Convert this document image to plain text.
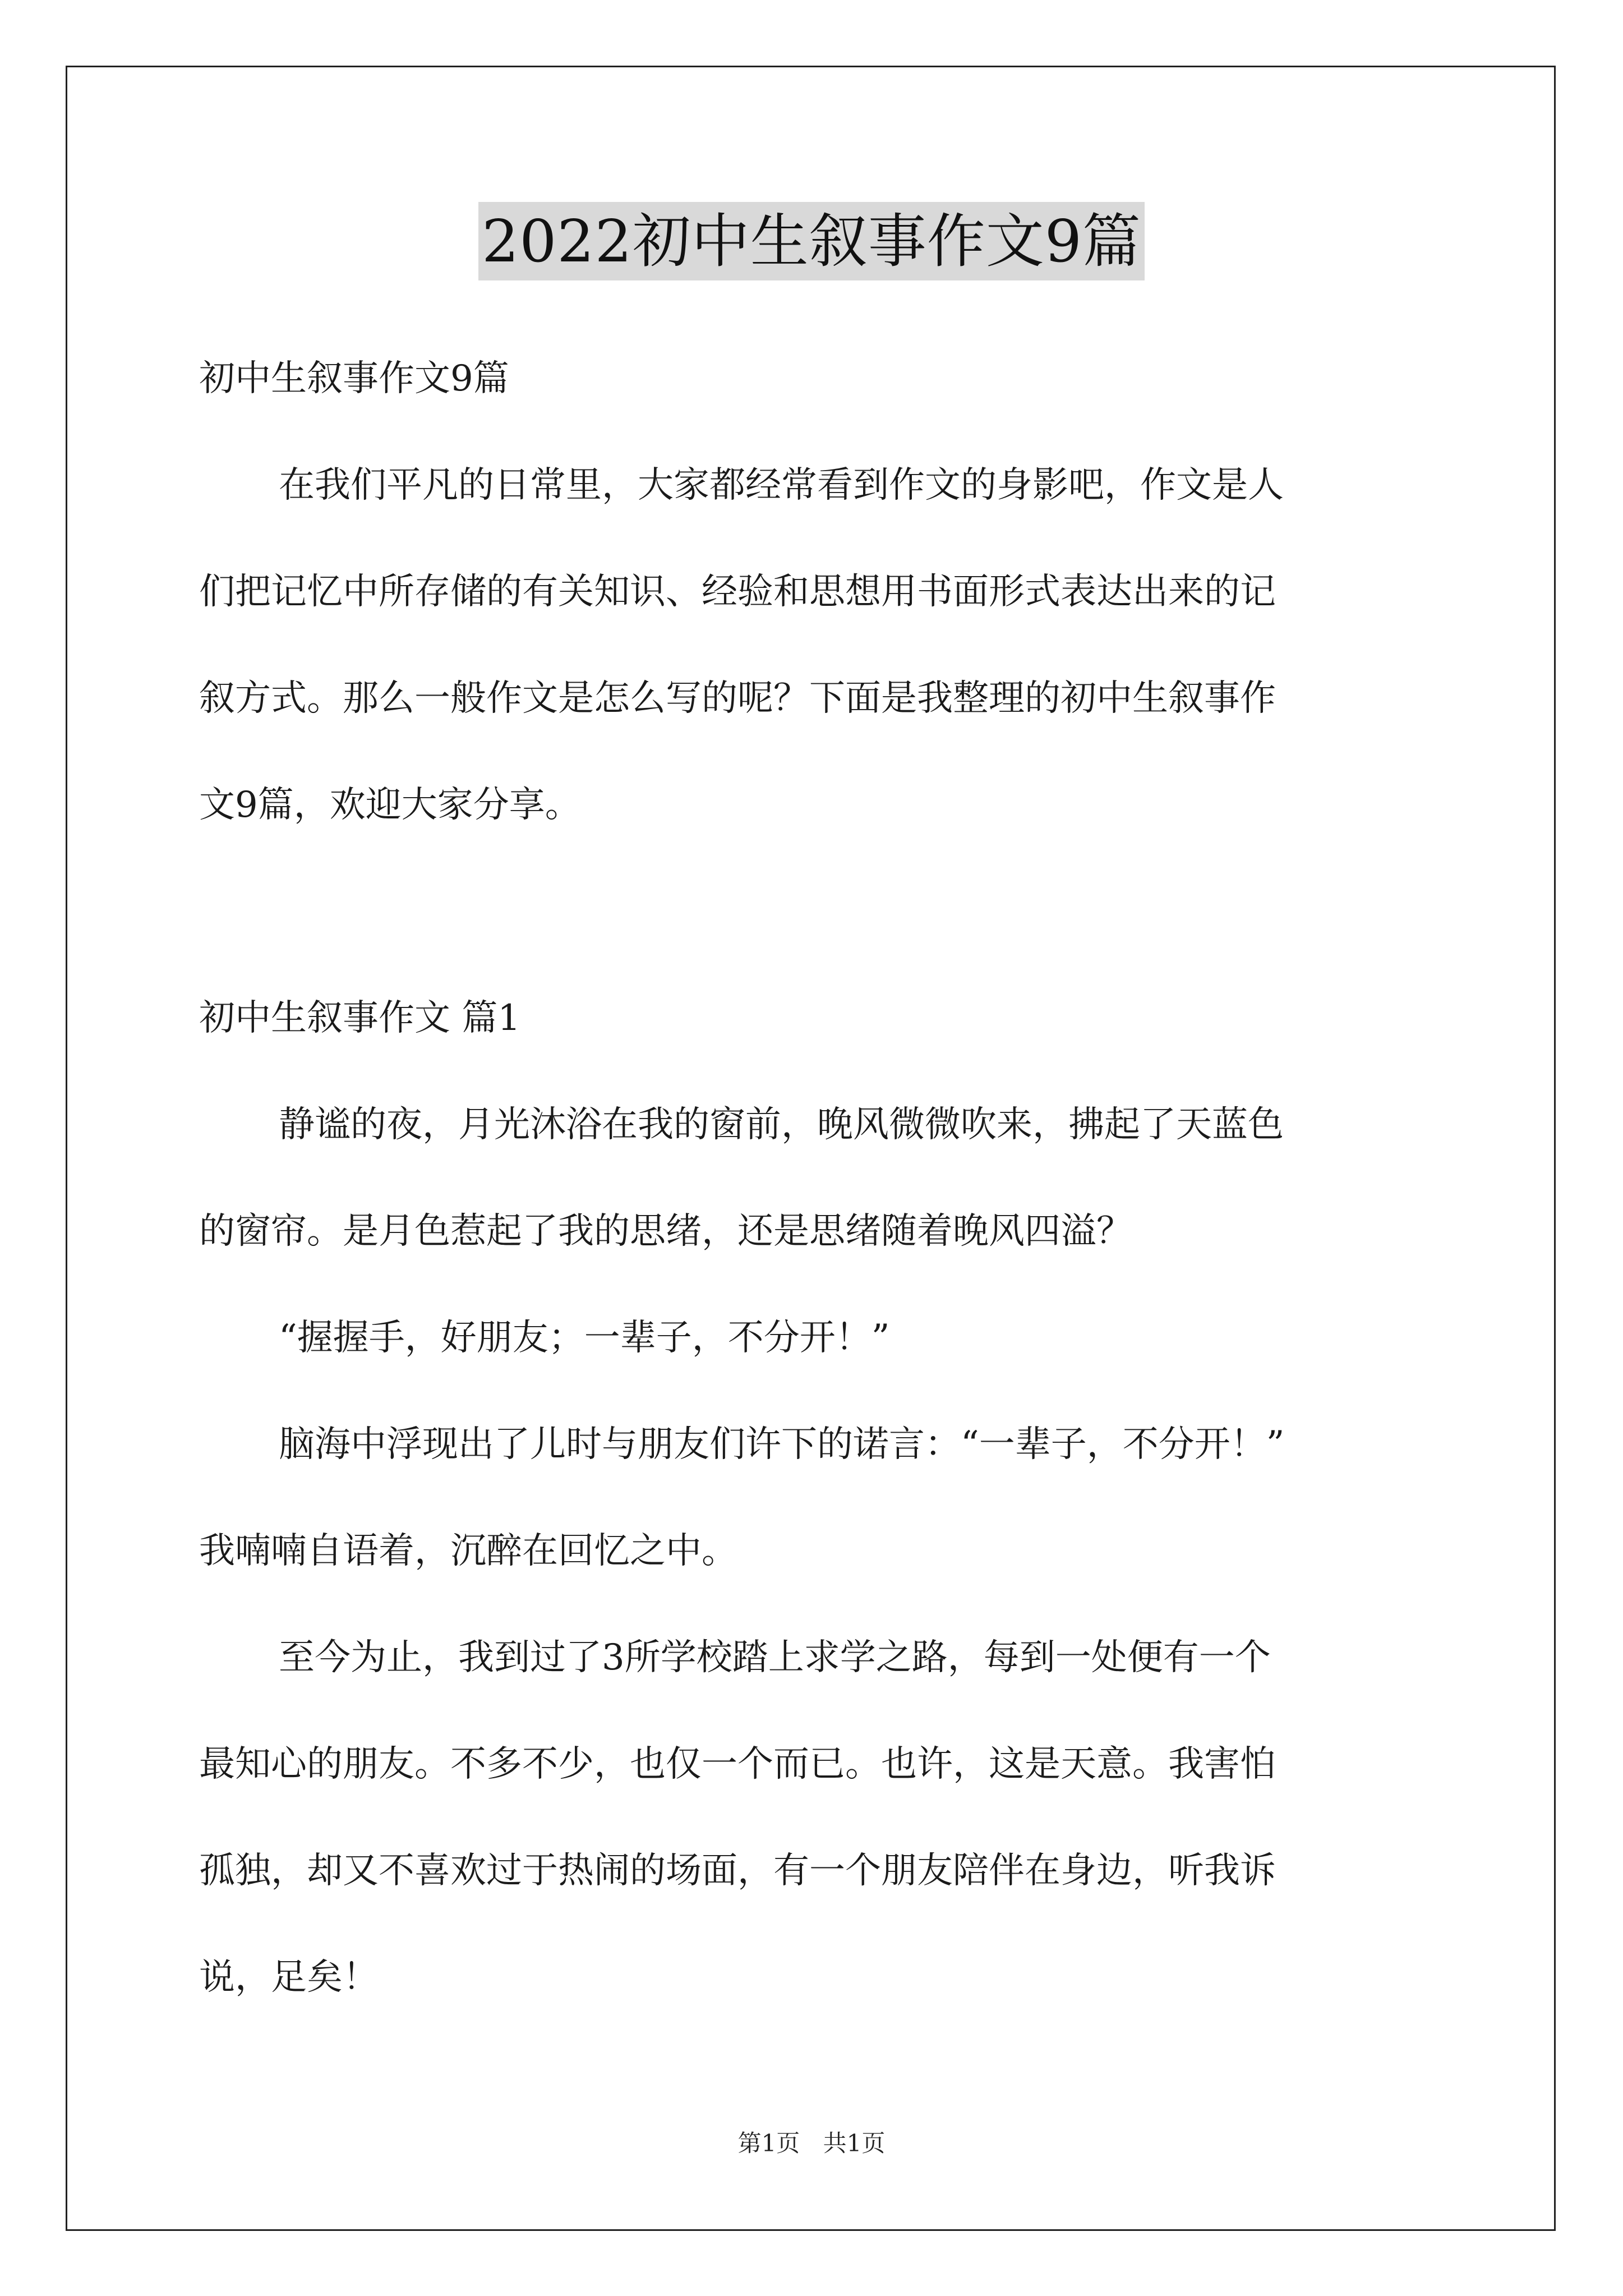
2022初中生叙事作文9篇
初中生叙事作文9篇
在我们平凡的日常里，大家都经常看到作文的身影吧，作文是人
们把记忆中所存储的有关知识、经验和思想用书面形式表达出来的记
叙方式。那么一般作文是怎么写的呢？下面是我整理的初中生叙事作
文9篇，欢迎大家分享。
初中生叙事作文 篇1
静谧的夜，月光沐浴在我的窗前，晚风微微吹来，拂起了天蓝色
的窗帘。是月色惹起了我的思绪，还是思绪随着晚风四溢？
“握握手，好朋友；一辈子，不分开！”
脑海中浮现出了儿时与朋友们许下的诺言：“一辈子，不分开！”
我喃喃自语着，沉醉在回忆之中。
至今为止，我到过了3所学校踏上求学之路，每到一处便有一个
最知心的朋友。不多不少，也仅一个而已。也许，这是天意。我害怕
孤独，却又不喜欢过于热闹的场面，有一个朋友陪伴在身边，听我诉
说，足矣！
第1页 共1页
